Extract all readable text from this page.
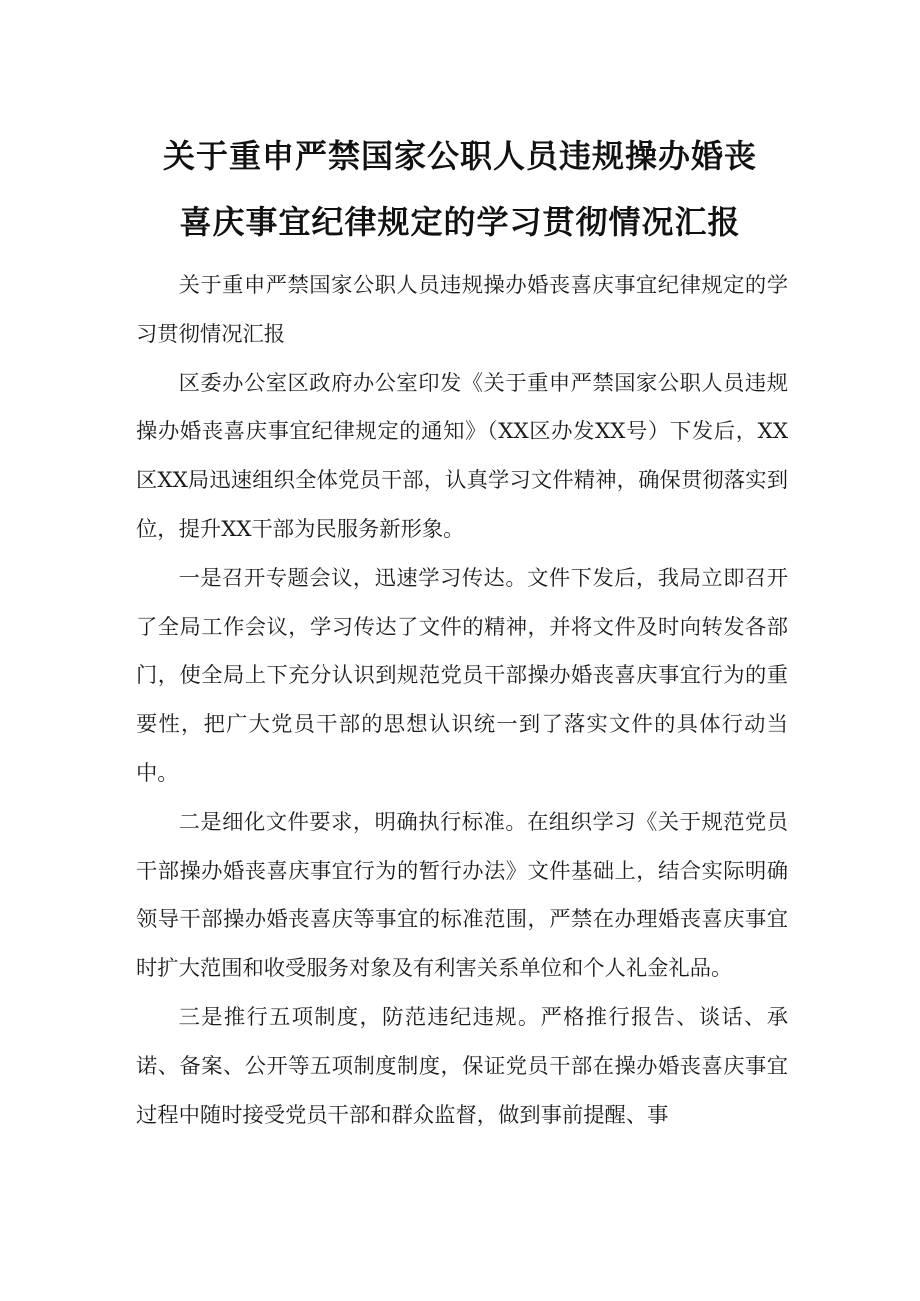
关于重申严禁国家公职人员违规操办婚丧
喜庆事宜纪律规定的学习贯彻情况汇报

关于重申严禁国家公职人员违规操办婚丧喜庆事宜纪律规定的学习贯彻情况汇报

区委办公室区政府办公室印发《关于重申严禁国家公职人员违规操办婚丧喜庆事宜纪律规定的通知》（XX区办发XX号）下发后，XX区XX局迅速组织全体党员干部，认真学习文件精神，确保贯彻落实到位，提升XX干部为民服务新形象。

一是召开专题会议，迅速学习传达。文件下发后，我局立即召开了全局工作会议，学习传达了文件的精神，并将文件及时向转发各部门，使全局上下充分认识到规范党员干部操办婚丧喜庆事宜行为的重要性，把广大党员干部的思想认识统一到了落实文件的具体行动当中。

二是细化文件要求，明确执行标准。在组织学习《关于规范党员干部操办婚丧喜庆事宜行为的暂行办法》文件基础上，结合实际明确领导干部操办婚丧喜庆等事宜的标准范围，严禁在办理婚丧喜庆事宜时扩大范围和收受服务对象及有利害关系单位和个人礼金礼品。

三是推行五项制度，防范违纪违规。严格推行报告、谈话、承诺、备案、公开等五项制度制度，保证党员干部在操办婚丧喜庆事宜过程中随时接受党员干部和群众监督，做到事前提醒、事
